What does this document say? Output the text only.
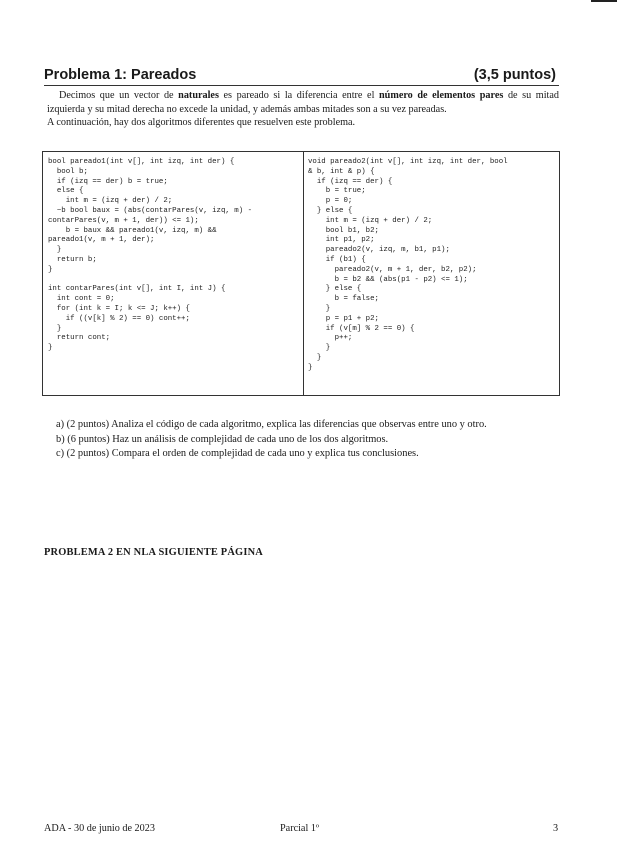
Problema 1: Pareados	(3,5 puntos)

Decimos que un vector de naturales es pareado si la diferencia entre el número de elementos pares de su mitad izquierda y su mitad derecha no excede la unidad, y además ambas mitades son a su vez pareadas.

A continuación, hay dos algoritmos diferentes que resuelven este problema.

bool pareado1(int v[], int izq, int der) {
bool b;
if (izq == der) b = true;
else {
int m = (izq + der) / 2;
~b bool baux = (abs(contarPares(v, izq, m) -
contarPares(v, m + 1, der)) <= 1);
b = baux && pareado1(v, izq, m) &&
pareado1(v, m + 1, der);
}
return b;
}

int contarPares(int v[], int I, int J) {
int cont = 0;
for (int k = I; k <= J; k++) {
if ((v[k] % 2) == 0) cont++;
}
return cont;
}

void pareado2(int v[], int izq, int der, bool
& b, int & p) {
if (izq == der) {
b = true;
p = 0;
} else {
int m = (izq + der) / 2;
bool b1, b2;
int p1, p2;
pareado2(v, izq, m, b1, p1);
if (b1) {
pareado2(v, m + 1, der, b2, p2);
b = b2 && (abs(p1 - p2) <= 1);
} else {
b = false;
}
p = p1 + p2;
if (v[m] % 2 == 0) {
p++;
}
}
}

a) (2 puntos) Analiza el código de cada algoritmo, explica las diferencias que observas entre uno y otro.
b) (6 puntos) Haz un análisis de complejidad de cada uno de los dos algoritmos.
c) (2 puntos) Compara el orden de complejidad de cada uno y explica tus conclusiones.
PROBLEMA 2 EN NLA SIGUIENTE PÁGINA
ADA - 30 de junio de 2023	Parcial 1º	3
